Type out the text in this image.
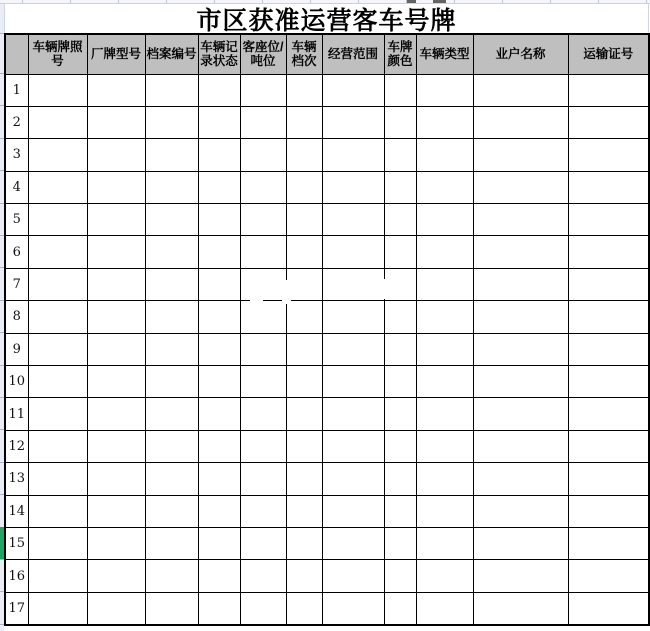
市区获准运营客车号牌
	车辆牌照号	厂牌型号	档案编号	车辆记录状态	客座位/吨位	车辆档次	经营范围	车牌颜色	车辆类型	业户名称	运输证号
1											
2											
3											
4											
5											
6											
7											
8											
9											
10											
11											
12											
13											
14											
15											
16											
17											
